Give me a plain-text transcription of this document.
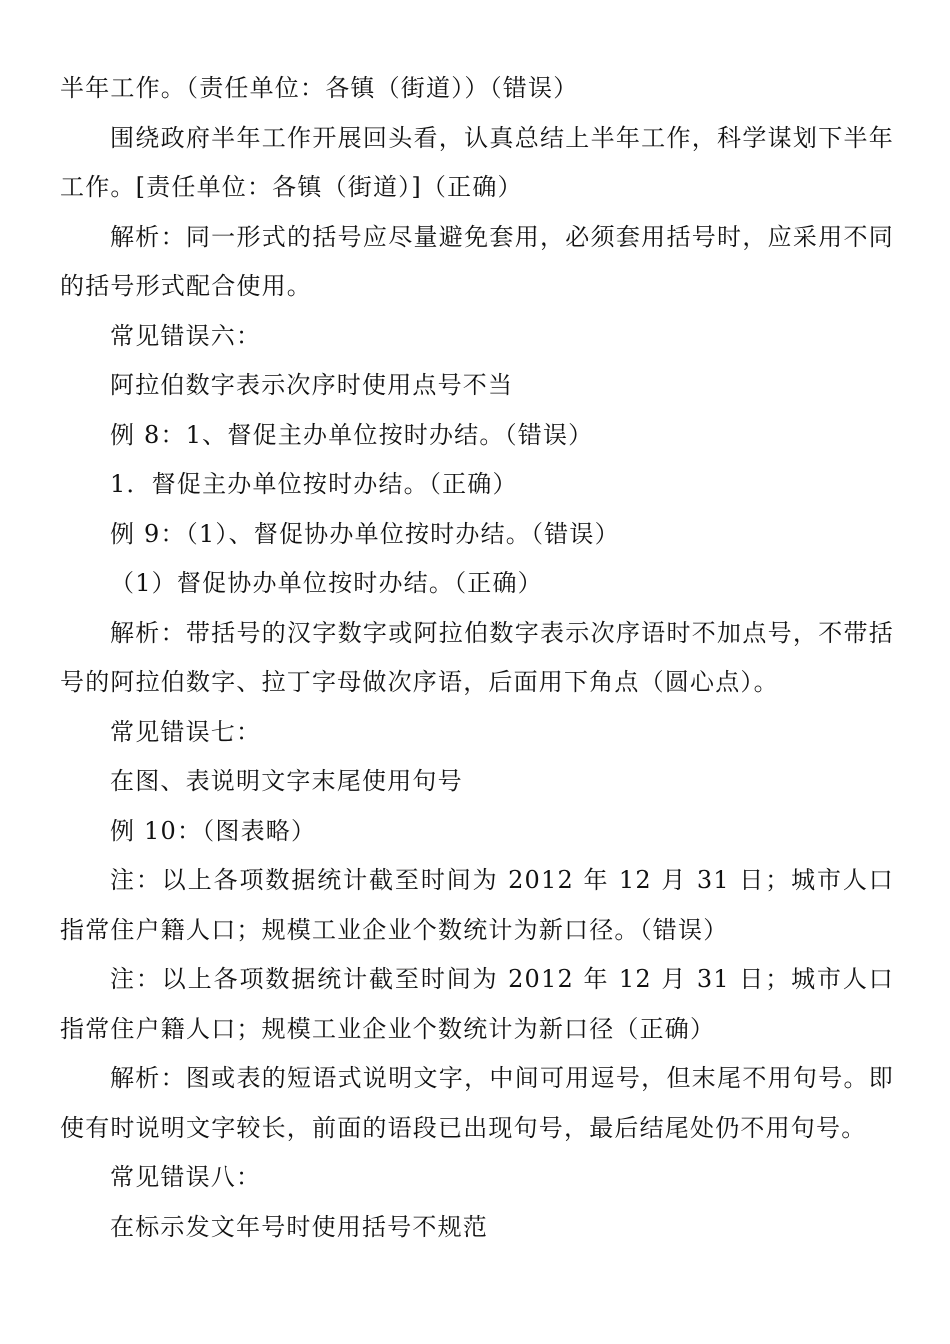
半年工作。（责任单位：各镇（街道））（错误）

围绕政府半年工作开展回头看，认真总结上半年工作，科学谋划下半年工作。[责任单位：各镇（街道）]（正确）

解析：同一形式的括号应尽量避免套用，必须套用括号时，应采用不同的括号形式配合使用。

常见错误六：

阿拉伯数字表示次序时使用点号不当

例 8：1、督促主办单位按时办结。（错误）

1．督促主办单位按时办结。（正确）

例 9：（1）、督促协办单位按时办结。（错误）

（1）督促协办单位按时办结。（正确）

解析：带括号的汉字数字或阿拉伯数字表示次序语时不加点号，不带括号的阿拉伯数字、拉丁字母做次序语，后面用下角点（圆心点）。

常见错误七：

在图、表说明文字末尾使用句号

例 10：（图表略）

注：以上各项数据统计截至时间为 2012 年 12 月 31 日；城市人口指常住户籍人口；规模工业企业个数统计为新口径。（错误）

注：以上各项数据统计截至时间为 2012 年 12 月 31 日；城市人口指常住户籍人口；规模工业企业个数统计为新口径（正确）

解析：图或表的短语式说明文字，中间可用逗号，但末尾不用句号。即使有时说明文字较长，前面的语段已出现句号，最后结尾处仍不用句号。

常见错误八：

在标示发文年号时使用括号不规范
